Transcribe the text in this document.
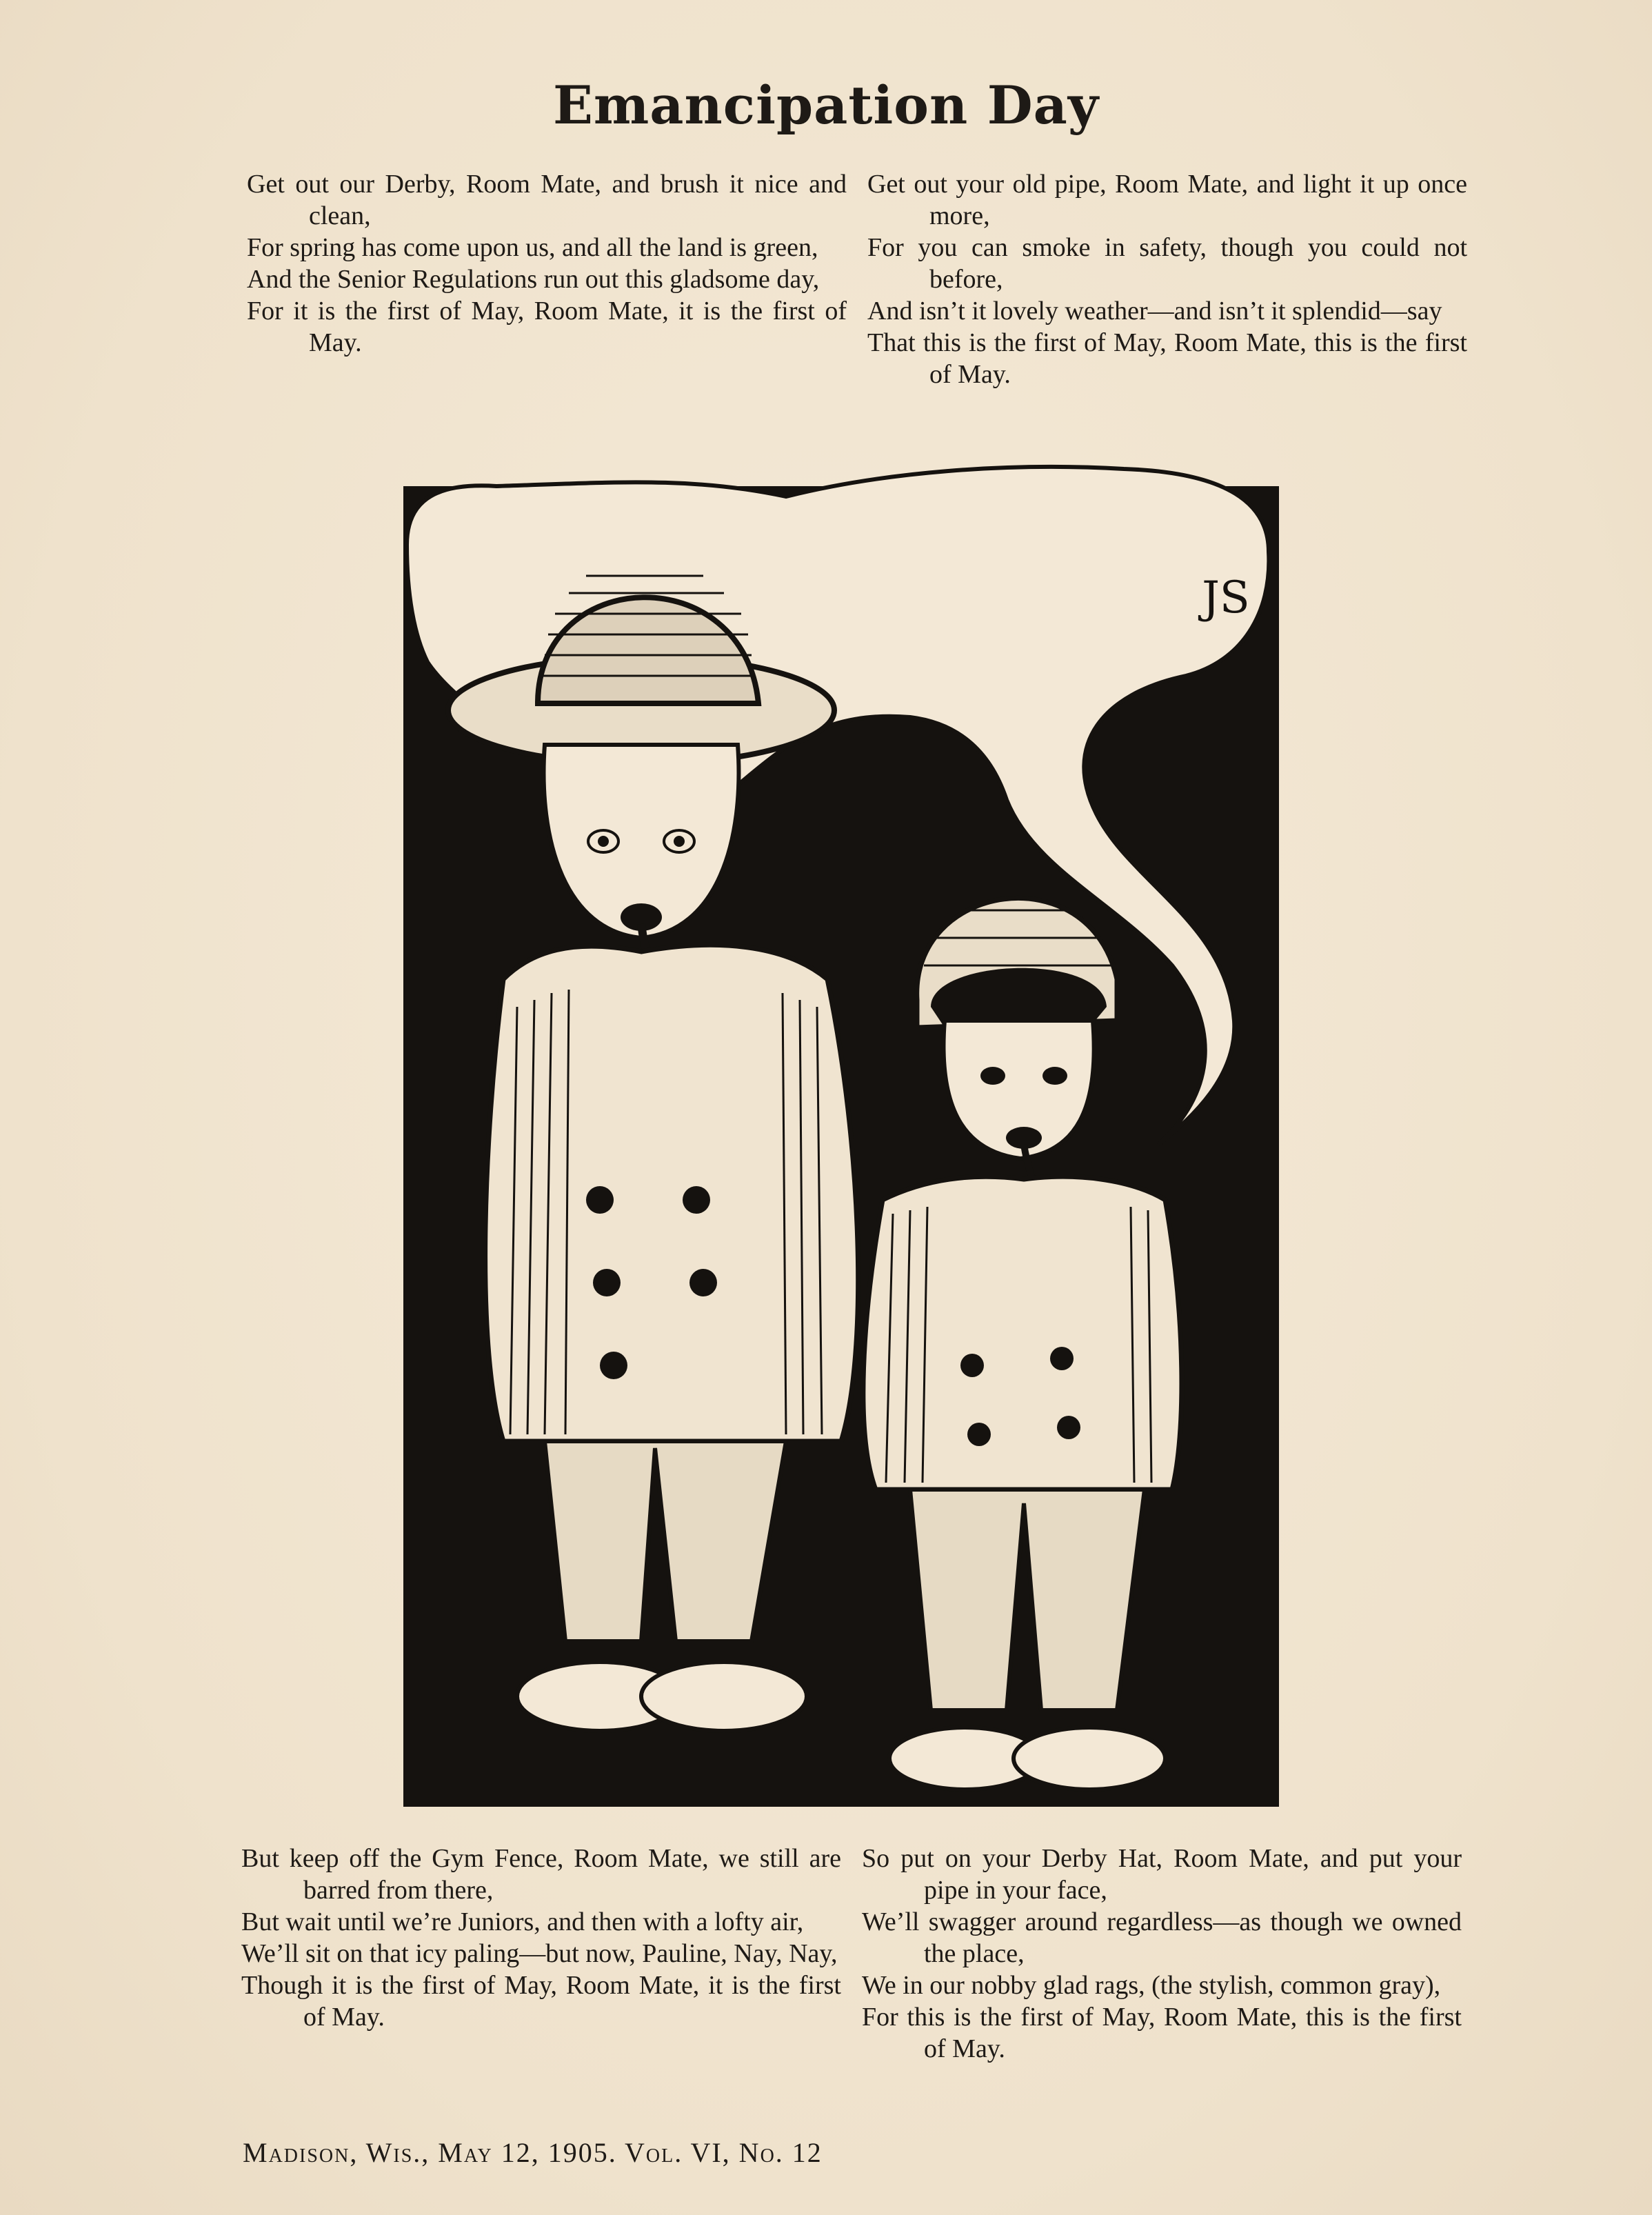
Emancipation Day

Get out our Derby, Room Mate, and brush it nice and clean,

For spring has come upon us, and all the land is green,

And the Senior Regulations run out this gladsome day,

For it is the first of May, Room Mate, it is the first of May.

Get out your old pipe, Room Mate, and light it up once more,

For you can smoke in safety, though you could not before,

And isn’t it lovely weather—and isn’t it splendid—say

That this is the first of May, Room Mate, this is the first of May.

JS

But keep off the Gym Fence, Room Mate, we still are barred from there,

But wait until we’re Juniors, and then with a lofty air,

We’ll sit on that icy paling—but now, Pauline, Nay, Nay,

Though it is the first of May, Room Mate, it is the first of May.

So put on your Derby Hat, Room Mate, and put your pipe in your face,

We’ll swagger around regardless—as though we owned the place,

We in our nobby glad rags, (the stylish, common gray),

For this is the first of May, Room Mate, this is the first of May.

Madison, Wis., May 12, 1905. Vol. VI, No. 12
